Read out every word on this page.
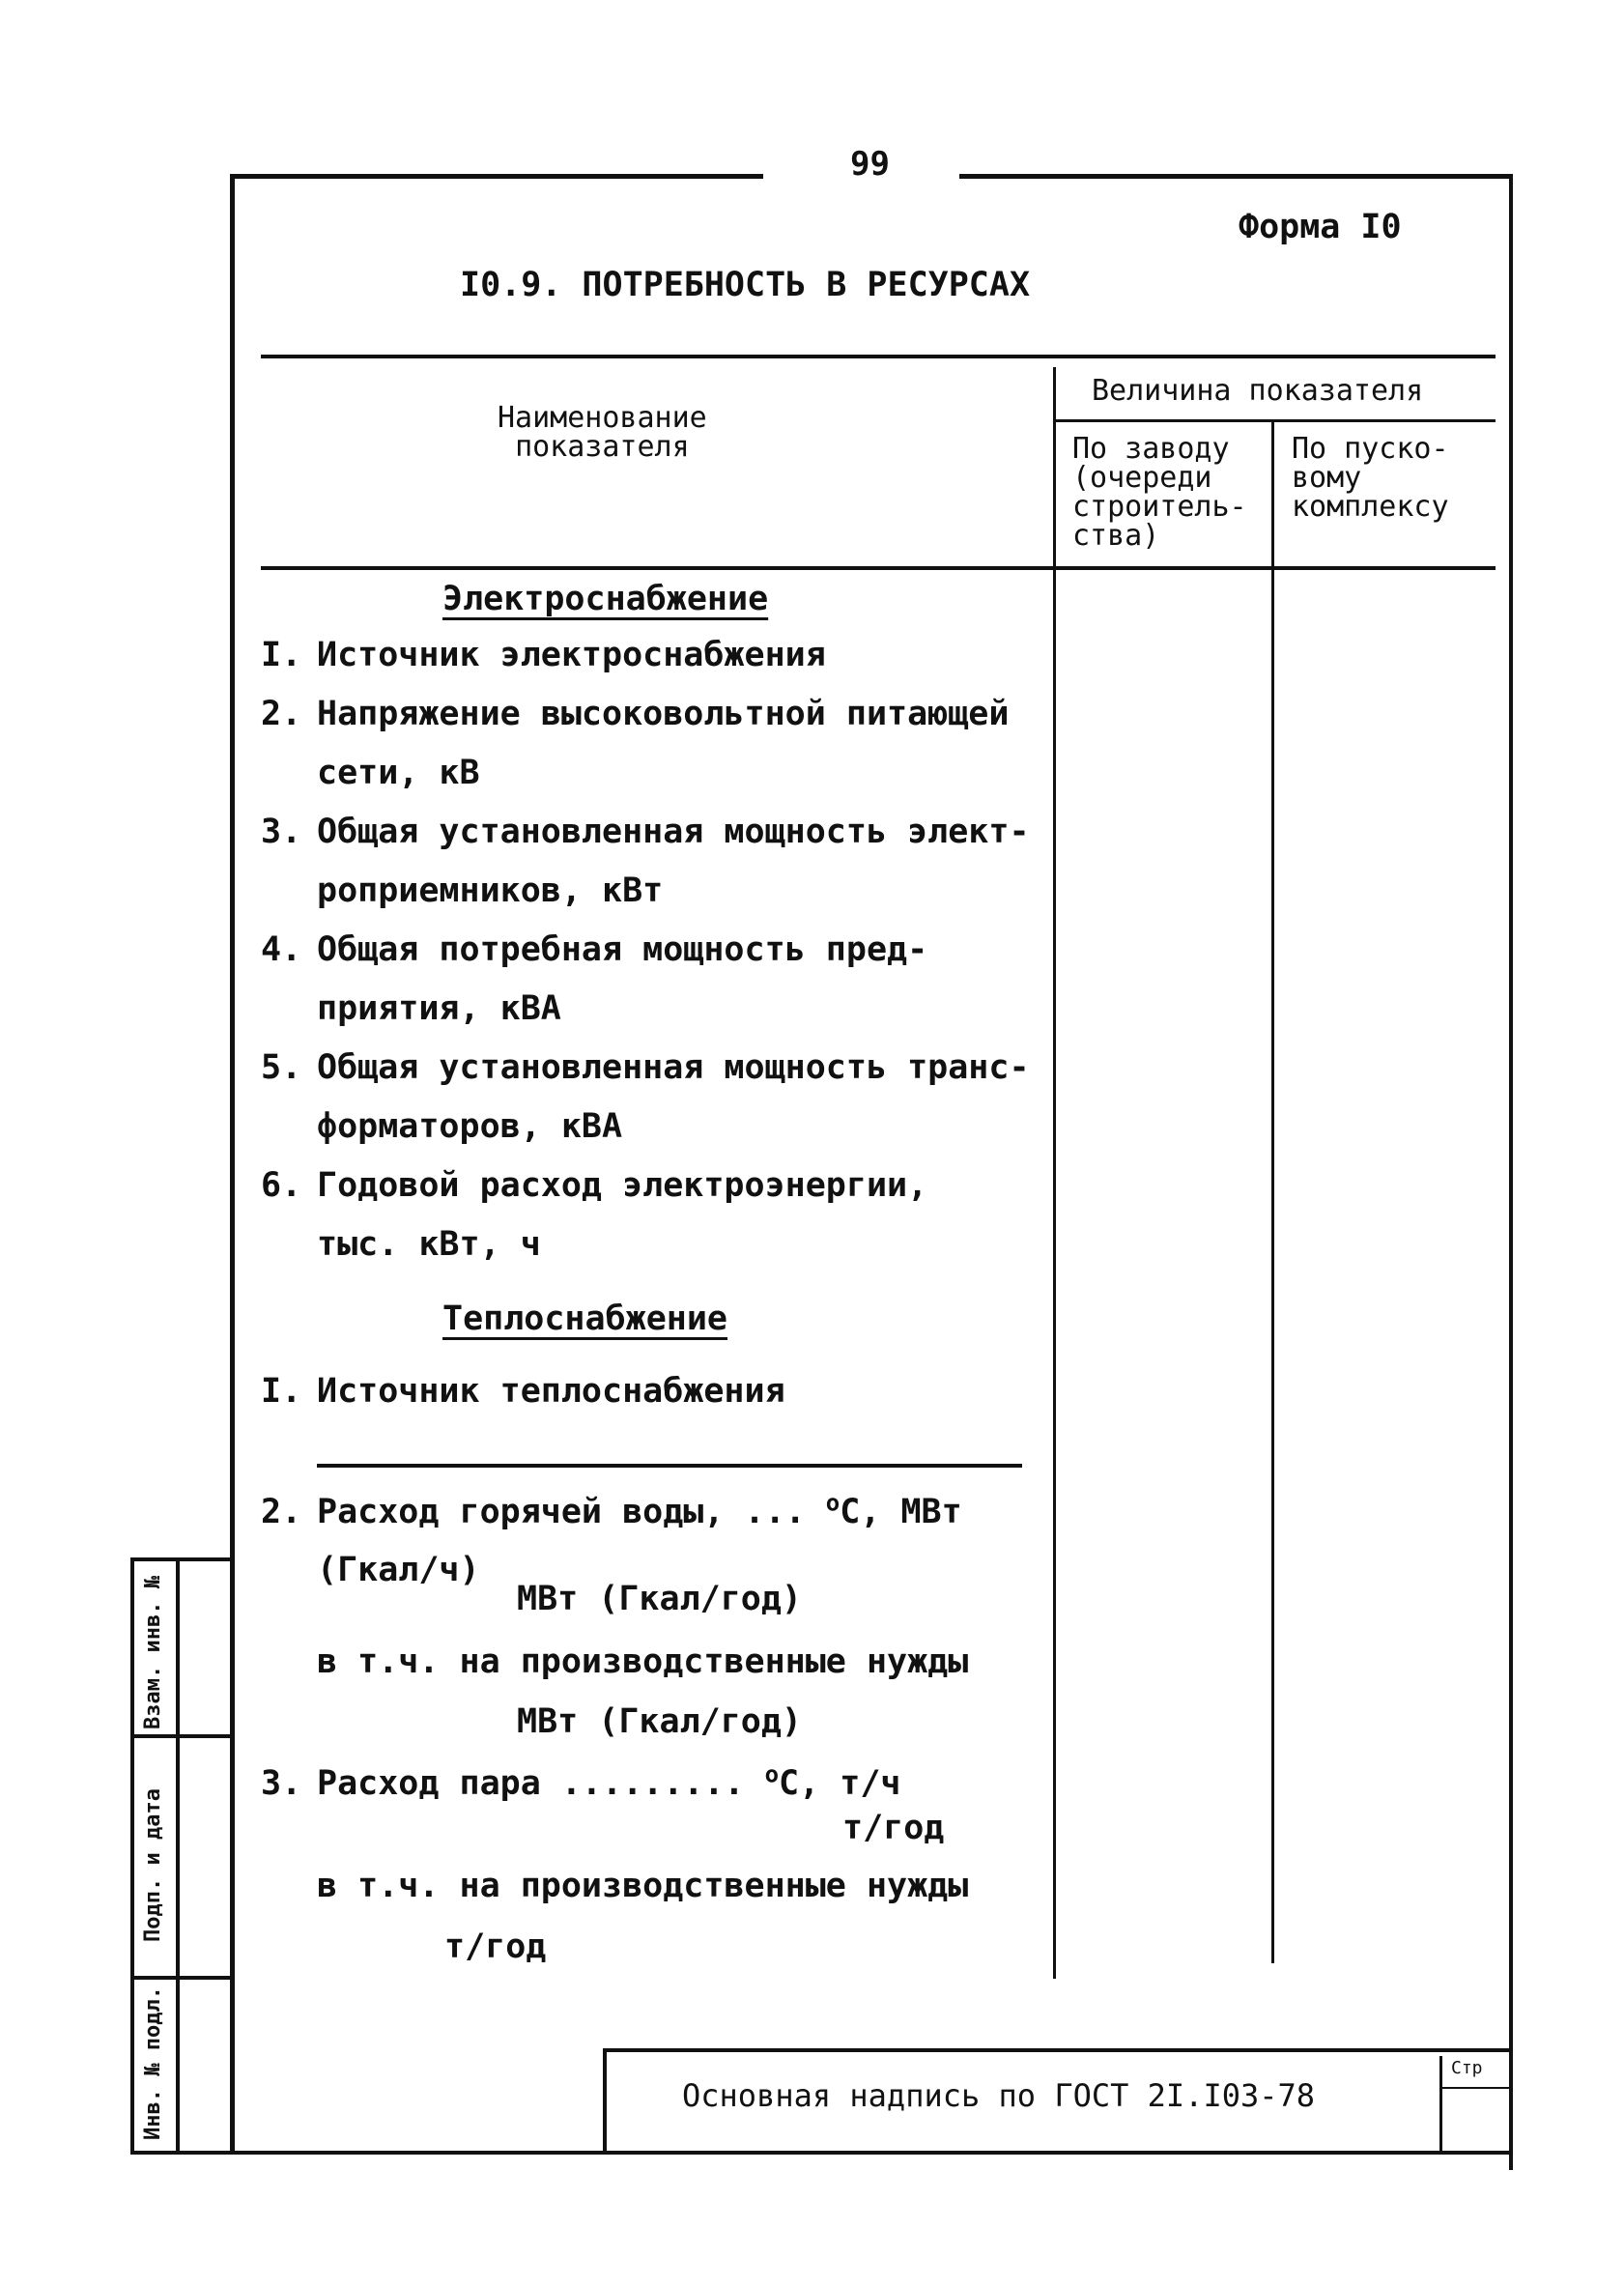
99
Форма I0
I0.9. ПОТРЕБНОСТЬ В РЕСУРСАХ
Наименование
показателя
Величина показателя
По заводу
(очереди
строитель-
ства)
По пуско-
вому
комплексу
Электроснабжение
I. Источник электроснабжения
2. Напряжение высоковольтной питающей
сети, кВ
3. Общая установленная мощность элект-
роприемников, кВт
4. Общая потребная мощность пред-
приятия, кВА
5. Общая установленная мощность транс-
форматоров, кВА
6. Годовой расход электроэнергии,
тыс. кВт, ч
Теплоснабжение
I. Источник теплоснабжения
2. Расход горячей воды, ... $^о$С, МВт
(Гкал/ч)
МВт (Гкал/год)
в т.ч. на производственные нужды
МВт (Гкал/год)
3. Расход пара ......... $^о$С, т/ч
т/год
в т.ч. на производственные нужды
т/год
Основная надпись по ГОСТ 2I.I03-78
Стр
Взам. инв. №
Подп. и дата
Инв. № подл.
